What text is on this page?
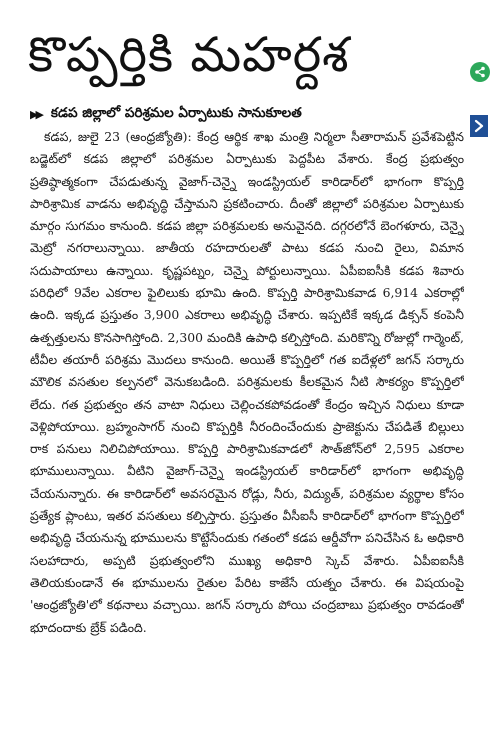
కొప్పర్తికి మహర్దశ
▶▶ కడప జిల్లాలో పరిశ్రమల ఏర్పాటుకు సానుకూలత

కడప, జులై 23 (ఆంధ్రజ్యోతి): కేంద్ర ఆర్థిక శాఖ మంత్రి నిర్మలా సీతారామన్ ప్రవేశపెట్టిన బడ్జెట్‌లో కడప జిల్లాలో పరిశ్రమల ఏర్పాటుకు పెద్దపీట వేశారు. కేంద్ర ప్రభుత్వం ప్రతిష్ఠాత్మకంగా చేపడుతున్న వైజాగ్‌-చెన్నై ఇండస్ట్రియల్‌ కారిడార్‌లో భాగంగా కొప్పర్తి పారిశ్రామిక వాడను అభివృద్ధి చేస్తామని ప్రకటించారు. దీంతో జిల్లాలో పరిశ్రమల ఏర్పాటుకు మార్గం సుగమం కానుంది. కడప జిల్లా పరిశ్రమలకు అనువైనది. దగ్గరలోనే బెంగళూరు, చెన్నై మెట్రో నగరాలున్నాయి. జాతీయ రహదారులతో పాటు కడప నుంచి రైలు, విమాన సదుపాయాలు ఉన్నాయి. కృష్ణపట్నం, చెన్నై పోర్టులున్నాయి. ఏపీఐఐసీకి కడప శివారు పరిధిలో 9వేల ఎకరాల ఫైలిలుకు భూమి ఉంది. కొప్పర్తి పారిశ్రామికవాడ 6,914 ఎకరాల్లో ఉంది. ఇక్కడ ప్రస్తుతం 3,900 ఎకరాలు అభివృద్ధి చేశారు. ఇప్పటికే ఇక్కడ డిక్సన్‌ కంపెనీ ఉత్పత్తులను కొనసాగిస్తోంది. 2,300 మందికి ఉపాధి కల్పిస్తోంది. మరికొన్ని రోజుల్లో గార్మెంట్‌, టీవీల తయారీ పరిశ్రమ మొదలు కానుంది. అయితే కొప్పర్తిలో గత ఐదేళ్లలో జగన్‌ సర్కారు మౌలిక వసతుల కల్పనలో వెనుకబడింది. పరిశ్రమలకు కీలకమైన నీటి సౌకర్యం కొప్పర్తిలో లేదు. గత ప్రభుత్వం తన వాటా నిధులు చెల్లించకపోవడంతో కేంద్రం ఇచ్చిన నిధులు కూడా వెళ్లిపోయాయి. బ్రహ్మంసాగర్‌ నుంచి కొప్పర్తికి నీరందించేందుకు ప్రాజెక్టును చేపడితే బిల్లులు రాక పనులు నిలిచిపోయాయి. కొప్పర్తి పారిశ్రామికవాడలో సౌత్‌జోన్‌లో 2,595 ఎకరాల భూములున్నాయి. వీటిని వైజాగ్‌-చెన్నై ఇండస్ట్రియల్‌ కారిడార్‌లో భాగంగా అభివృద్ధి చేయనున్నారు. ఈ కారిడార్‌లో అవసరమైన రోడ్లు, నీరు, విద్యుత్‌, పరిశ్రమల వ్యర్థాల కోసం ప్రత్యేక ప్లాంటు, ఇతర వసతులు కల్పిస్తారు. ప్రస్తుతం వీసీఐసీ కారిడార్‌లో భాగంగా కొప్పర్తిలో అభివృద్ధి చేయనున్న భూములను కొట్టేసేందుకు గతంలో కడప ఆర్డీవోగా పనిచేసిన ఓ అధికారి సలహాదారు, అప్పటి ప్రభుత్వంలోని ముఖ్య అధికారి స్కెచ్‌ వేశారు. ఏపీఐఐసీకి తెలియకుండానే ఈ భూములను రైతుల పేరిట కాజేసే యత్నం చేశారు. ఈ విషయంపై 'ఆంధ్రజ్యోతి'లో కథనాలు వచ్చాయి. జగన్‌ సర్కారు పోయి చంద్రబాబు ప్రభుత్వం రావడంతో భూదందాకు బ్రేక్‌ పడింది.
